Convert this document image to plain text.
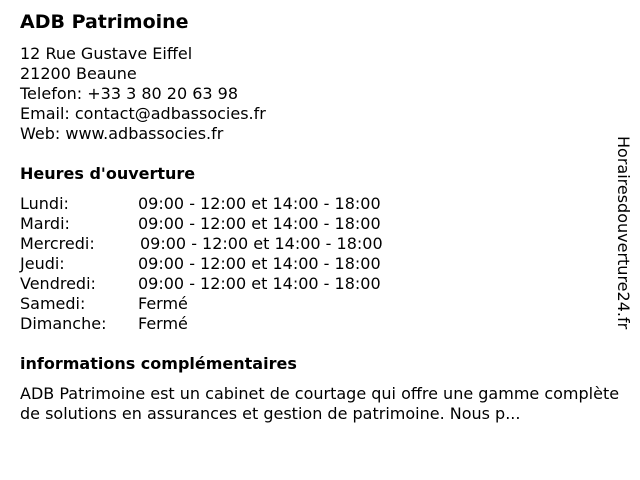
ADB Patrimoine
12 Rue Gustave Eiffel
21200 Beaune
Telefon: +33 3 80 20 63 98
Email: contact@adbassocies.fr
Web: www.adbassocies.fr
Heures d'ouverture
Lundi:	09:00 - 12:00 et 14:00 - 18:00
Mardi:	09:00 - 12:00 et 14:00 - 18:00
Mercredi:	09:00 - 12:00 et 14:00 - 18:00
Jeudi:	09:00 - 12:00 et 14:00 - 18:00
Vendredi:	09:00 - 12:00 et 14:00 - 18:00
Samedi:	Fermé
Dimanche: Fermé
informations complémentaires
ADB Patrimoine est un cabinet de courtage qui offre une gamme complète de solutions en assurances et gestion de patrimoine. Nous p...
Horairesdouverture24.fr
